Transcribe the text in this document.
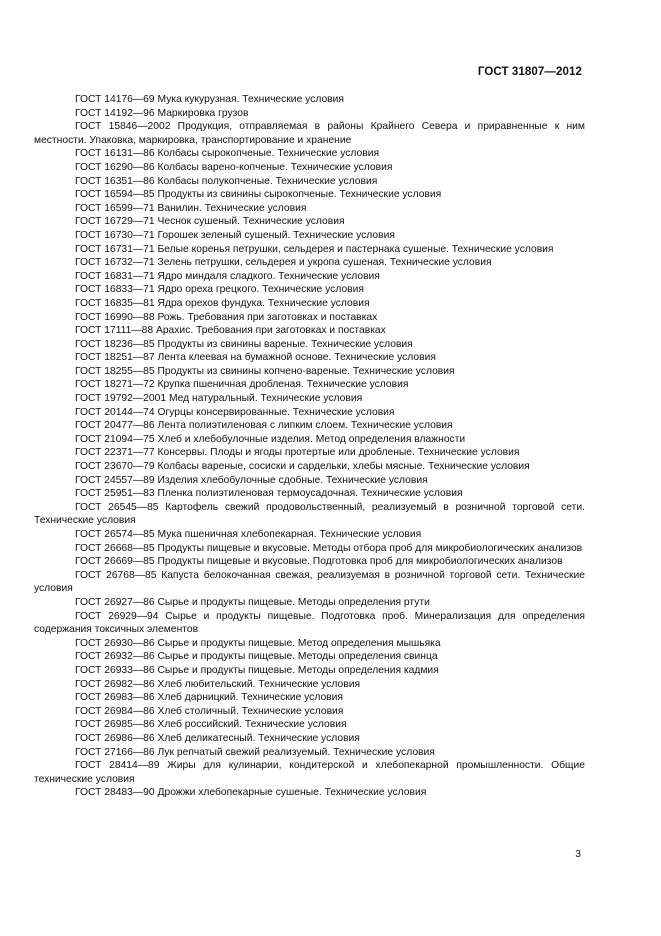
ГОСТ 31807—2012
ГОСТ 14176—69 Мука кукурузная. Технические условия
ГОСТ 14192—96 Маркировка грузов
ГОСТ 15846—2002 Продукция, отправляемая в районы Крайнего Севера и приравненные к ним местности. Упаковка, маркировка, транспортирование и хранение
ГОСТ 16131—86 Колбасы сырокопченые. Технические условия
ГОСТ 16290—86 Колбасы варено-копченые. Технические условия
ГОСТ 16351—86 Колбасы полукопченые. Технические условия
ГОСТ 16594—85 Продукты из свинины сырокопченые. Технические условия
ГОСТ 16599—71 Ванилин. Технические условия
ГОСТ 16729—71 Чеснок сушеный. Технические условия
ГОСТ 16730—71 Горошек зеленый сушеный. Технические условия
ГОСТ 16731—71 Белые коренья петрушки, сельдерея и пастернака сушеные. Технические условия
ГОСТ 16732—71 Зелень петрушки, сельдерея и укропа сушеная. Технические условия
ГОСТ 16831—71 Ядро миндаля сладкого. Технические условия
ГОСТ 16833—71 Ядро ореха грецкого. Технические условия
ГОСТ 16835—81 Ядра орехов фундука. Технические условия
ГОСТ 16990—88 Рожь. Требования при заготовках и поставках
ГОСТ 17111—88 Арахис. Требования при заготовках и поставках
ГОСТ 18236—85 Продукты из свинины вареные. Технические условия
ГОСТ 18251—87 Лента клеевая на бумажной основе. Технические условия
ГОСТ 18255—85 Продукты из свинины копчено-вареные. Технические условия
ГОСТ 18271—72 Крупка пшеничная дробленая. Технические условия
ГОСТ 19792—2001 Мед натуральный. Технические условия
ГОСТ 20144—74 Огурцы консервированные. Технические условия
ГОСТ 20477—86 Лента полиэтиленовая с липким слоем. Технические условия
ГОСТ 21094—75 Хлеб и хлебобулочные изделия. Метод определения влажности
ГОСТ 22371—77 Консервы. Плоды и ягоды протертые или дробленые. Технические условия
ГОСТ 23670—79 Колбасы вареные, сосиски и сардельки, хлебы мясные. Технические условия
ГОСТ 24557—89 Изделия хлебобулочные сдобные. Технические условия
ГОСТ 25951—83 Пленка полиэтиленовая термоусадочная. Технические условия
ГОСТ 26545—85 Картофель свежий продовольственный, реализуемый в розничной торговой сети. Технические условия
ГОСТ 26574—85 Мука пшеничная хлебопекарная. Технические условия
ГОСТ 26668—85 Продукты пищевые и вкусовые. Методы отбора проб для микробиологических анализов
ГОСТ 26669—85 Продукты пищевые и вкусовые. Подготовка проб для микробиологических анализов
ГОСТ 26768—85 Капуста белокочанная свежая, реализуемая в розничной торговой сети. Технические условия
ГОСТ 26927—86 Сырье и продукты пищевые. Методы определения ртути
ГОСТ 26929—94 Сырье и продукты пищевые. Подготовка проб. Минерализация для определения содержания токсичных элементов
ГОСТ 26930—86 Сырье и продукты пищевые. Метод определения мышьяка
ГОСТ 26932—86 Сырье и продукты пищевые. Методы определения свинца
ГОСТ 26933—86 Сырье и продукты пищевые. Методы определения кадмия
ГОСТ 26982—86 Хлеб любительский. Технические условия
ГОСТ 26983—86 Хлеб дарницкий. Технические условия
ГОСТ 26984—86 Хлеб столичный. Технические условия
ГОСТ 26985—86 Хлеб российский. Технические условия
ГОСТ 26986—86 Хлеб деликатесный. Технические условия
ГОСТ 27166—86 Лук репчатый свежий реализуемый. Технические условия
ГОСТ 28414—89 Жиры для кулинарии, кондитерской и хлебопекарной промышленности. Общие технические условия
ГОСТ 28483—90 Дрожжи хлебопекарные сушеные. Технические условия
3
